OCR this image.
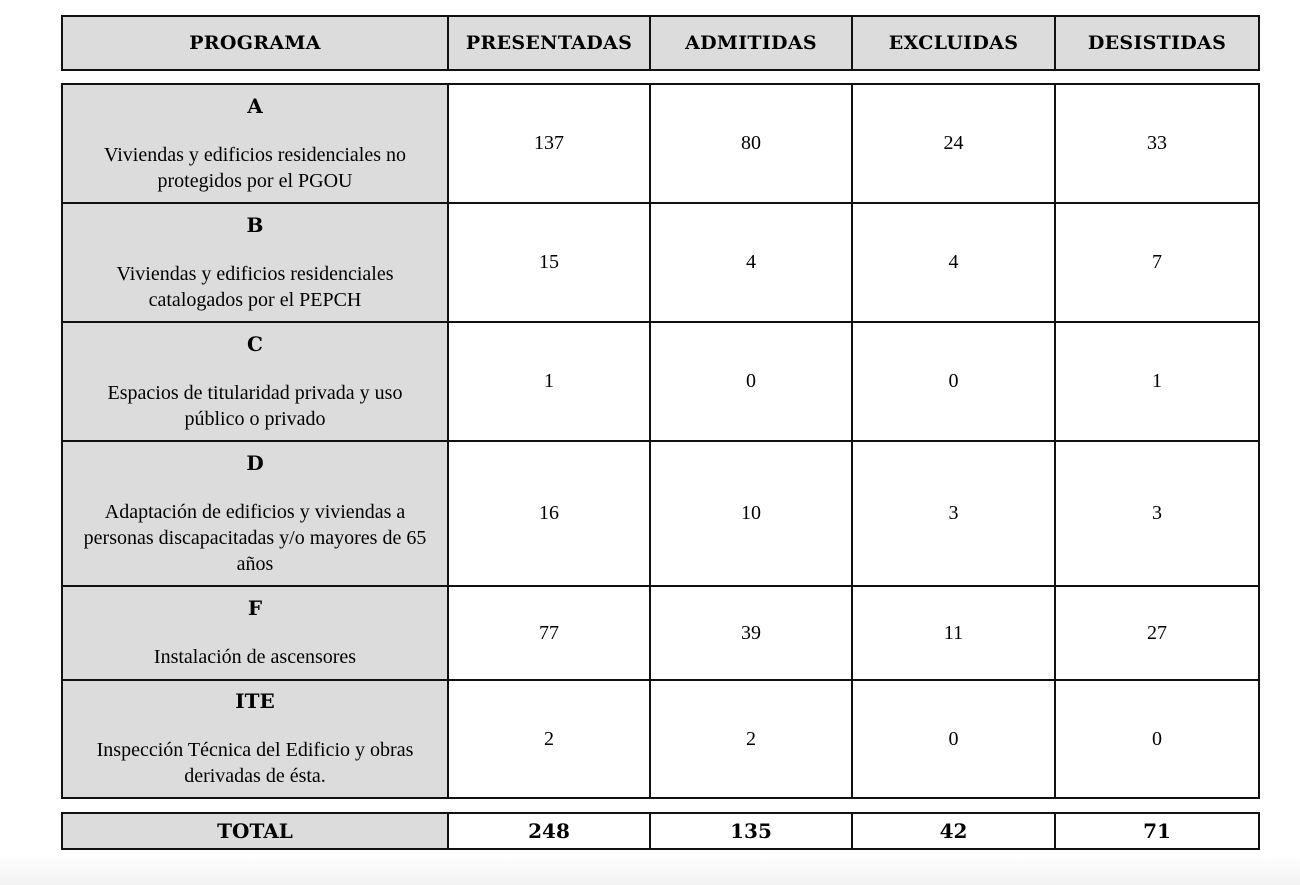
PROGRAMA	PRESENTADAS	ADMITIDAS	EXCLUIDAS	DESISTIDAS
A
Viviendas y edificios residenciales no protegidos por el PGOU	137	80	24	33

B
Viviendas y edificios residenciales catalogados por el PEPCH	15	4	4	7

C
Espacios de titularidad privada y uso público o privado	1	0	0	1

D
Adaptación de edificios y viviendas a personas discapacitadas y/o mayores de 65 años	16	10	3	3

F
Instalación de ascensores	77	39	11	27

ITE
Inspección Técnica del Edificio y obras derivadas de ésta.	2	2	0	0
TOTAL	248	135	42	71
